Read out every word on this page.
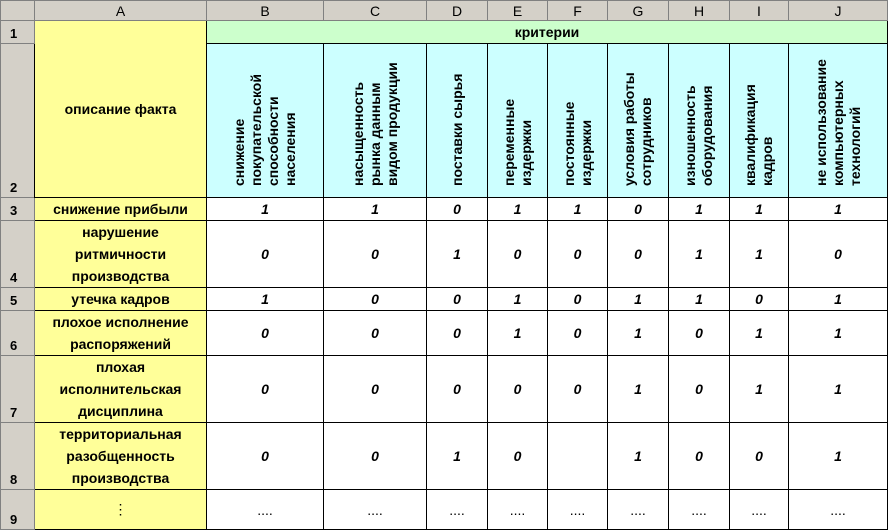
	A	B	C	D	E	F	G	H	I	J
1	описание факта	критерии								
2		снижение покупательской способности населения	насыщенность рынка данным видом продукции	поставки сырья	переменные издержки	постоянные издержки	условия работы сотрудников	изношенность оборудования	квалификация кадров	не использование компьютерных технологий
3	снижение прибыли	1	1	0	1	1	0	1	1	1
4	нарушение ритмичности производства	0	0	1	0	0	0	1	1	0
5	утечка кадров	1	0	0	1	0	1	1	0	1
6	плохое исполнение распоряжений	0	0	0	1	0	1	0	1	1
7	плохая исполнительская дисциплина	0	0	0	0	0	1	0	1	1
8	территориальная разобщенность производства	0	0	1	0		1	0	0	1
9	⋮	....	....	....	....	....	....	....	....	....
